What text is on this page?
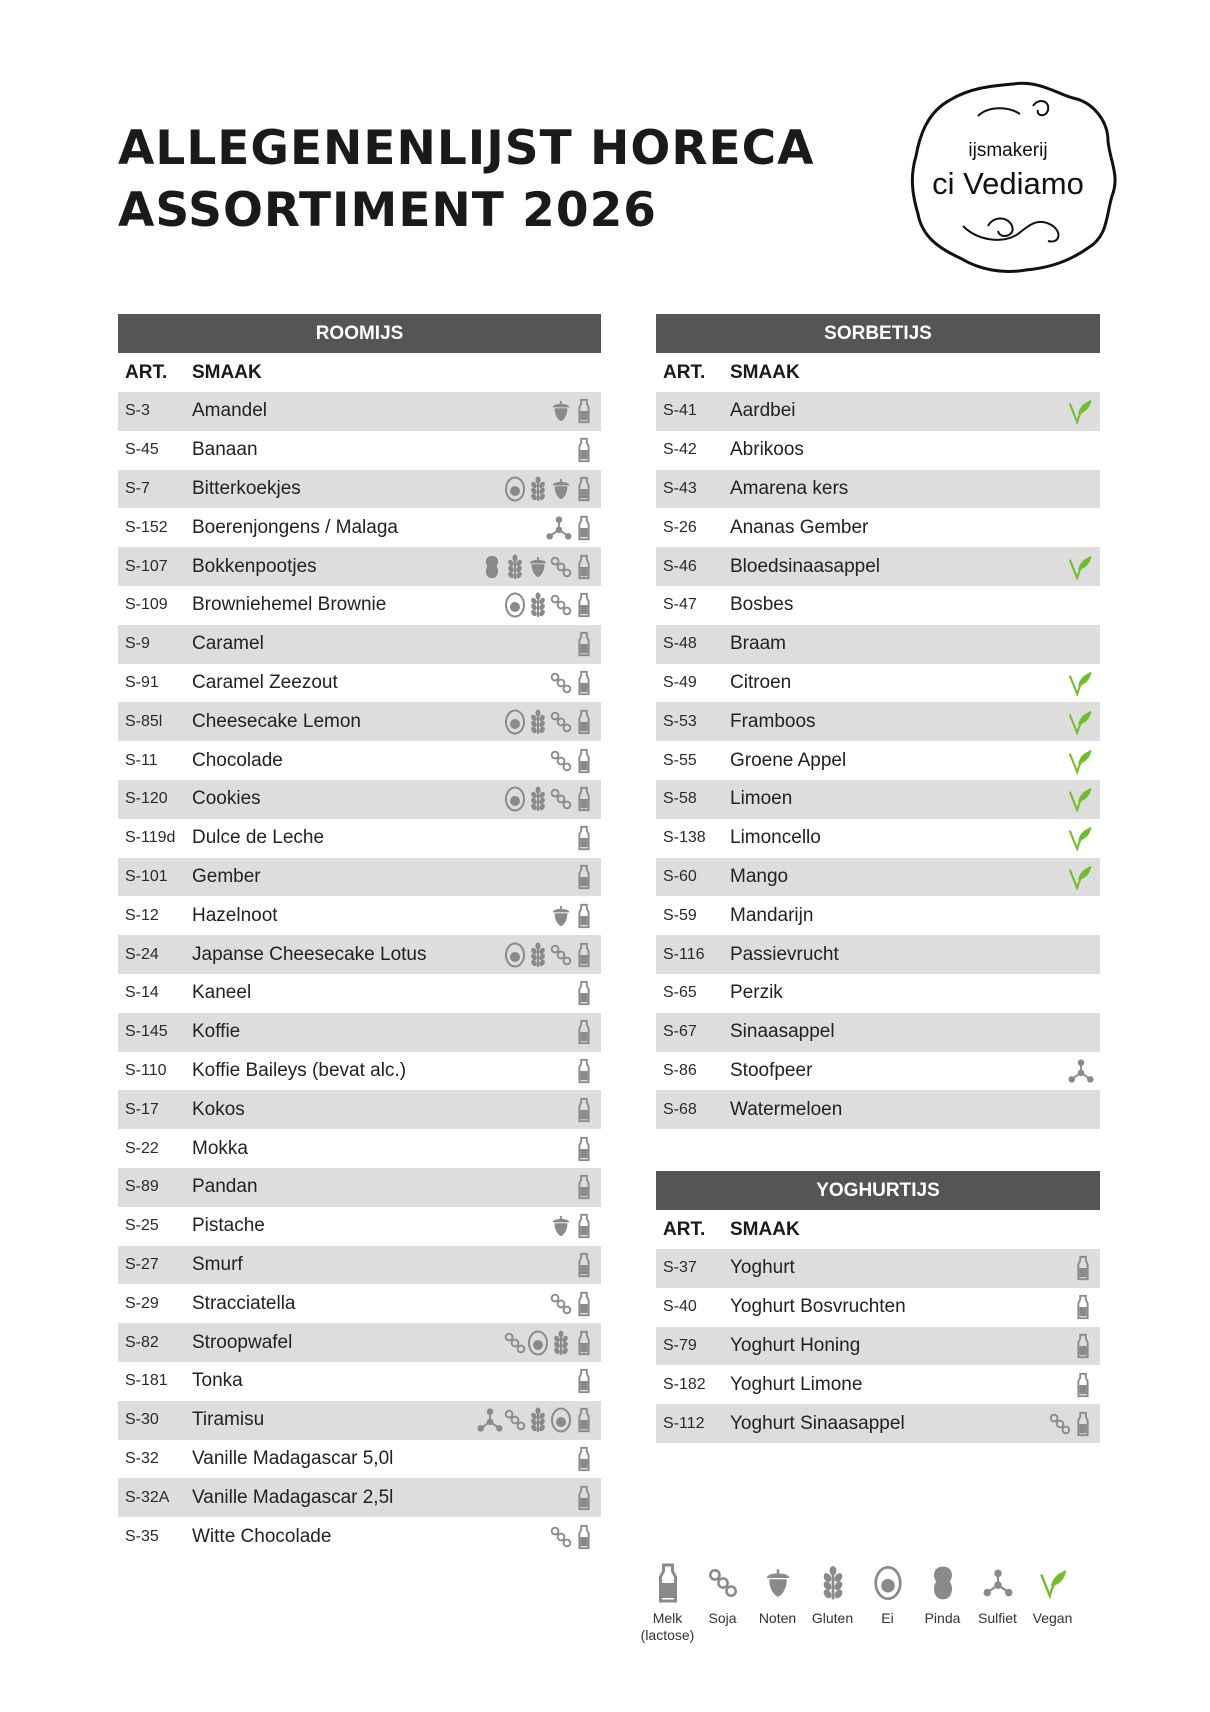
ALLEGENENLIJST HORECA
ASSORTIMENT 2026
ijsmakerij
ci Vediamo
ROOMIJS
ART.	SMAAK
S-3	Amandel
S-45	Banaan
S-7	Bitterkoekjes
S-152	Boerenjongens / Malaga
S-107	Bokkenpootjes
S-109	Browniehemel Brownie
S-9	Caramel
S-91	Caramel Zeezout
S-85l	Cheesecake Lemon
S-11	Chocolade
S-120	Cookies
S-119d Dulce de Leche
S-101	Gember
S-12	Hazelnoot
S-24	Japanse Cheesecake Lotus
S-14	Kaneel
S-145	Koffie
S-110	Koffie Baileys (bevat alc.)
S-17	Kokos
S-22	Mokka
S-89	Pandan
S-25	Pistache
S-27	Smurf
S-29	Stracciatella
S-82	Stroopwafel
S-181	Tonka
S-30	Tiramisu
S-32	Vanille Madagascar 5,0l
S-32A	Vanille Madagascar 2,5l
S-35	Witte Chocolade
SORBETIJS
ART.	SMAAK
S-41	Aardbei
S-42	Abrikoos
S-43	Amarena kers
S-26	Ananas Gember
S-46	Bloedsinaasappel
S-47	Bosbes
S-48	Braam
S-49	Citroen
S-53	Framboos
S-55	Groene Appel
S-58	Limoen
S-138	Limoncello
S-60	Mango
S-59	Mandarijn
S-116	Passievrucht
S-65	Perzik
S-67	Sinaasappel
S-86	Stoofpeer
S-68	Watermeloen
YOGHURTIJS
ART.	SMAAK
S-37	Yoghurt
S-40	Yoghurt Bosvruchten
S-79	Yoghurt Honing
S-182	Yoghurt Limone
S-112	Yoghurt Sinaasappel
Melk
(lactose)
Soja Noten Gluten Ei Pinda Sulfiet Vegan
